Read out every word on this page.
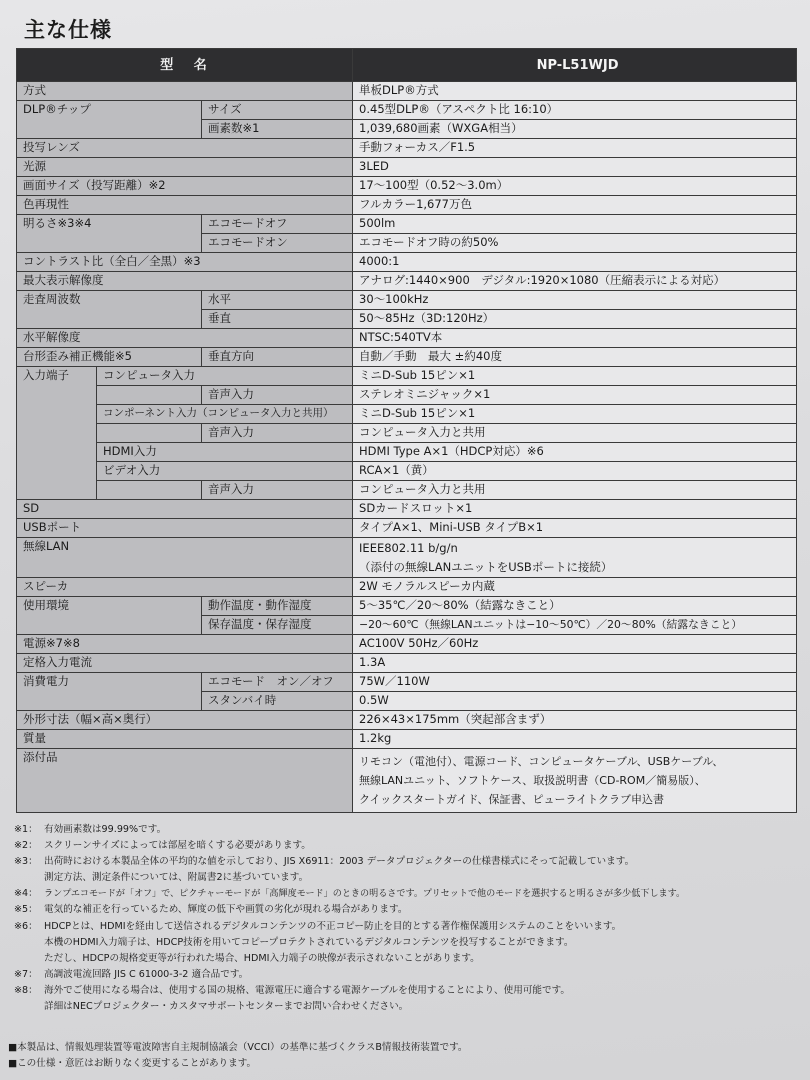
主な仕様
型 名			NP-L51WJD
方式			単板DLP®方式
DLP®チップ		サイズ	0.45型DLP®（アスペクト比 16:10）
		画素数※1	1,039,680画素（WXGA相当）
投写レンズ			手動フォーカス／F1.5
光源			3LED
画面サイズ（投写距離）※2			17〜100型（0.52〜3.0m）
色再現性			フルカラー1,677万色
明るさ※3※4		エコモードオフ	500lm
		エコモードオン	エコモードオフ時の約50%
コントラスト比（全白／全黒）※3			4000:1
最大表示解像度			アナログ:1440×900　デジタル:1920×1080（圧縮表示による対応）
走査周波数		水平	30〜100kHz
		垂直	50〜85Hz（3D:120Hz）
水平解像度			NTSC:540TV本
台形歪み補正機能※5		垂直方向	自動／手動　最大 ±約40度
入力端子	コンピュータ入力		ミニD-Sub 15ピン×1
		音声入力	ステレオミニジャック×1
	コンポーネント入力（コンピュータ入力と共用）		ミニD-Sub 15ピン×1
		音声入力	コンピュータ入力と共用
	HDMI入力		HDMI Type A×1（HDCP対応）※6
	ビデオ入力		RCA×1（黄）
		音声入力	コンピュータ入力と共用
SD			SDカードスロット×1
USBポート			タイプA×1、Mini-USB タイプB×1
無線LAN			IEEE802.11 b/g/n
（添付の無線LANユニットをUSBポートに接続）

スピーカ			2W モノラルスピーカ内蔵
使用環境		動作温度・動作湿度	5〜35℃／20〜80%（結露なきこと）
		保存温度・保存湿度	−20〜60℃（無線LANユニットは−10〜50℃）／20〜80%（結露なきこと）
電源※7※8			AC100V 50Hz／60Hz
定格入力電流			1.3A
消費電力		エコモード　オン／オフ	75W／110W
		スタンバイ時	0.5W
外形寸法（幅×高×奥行）			226×43×175mm（突起部含まず）
質量			1.2kg
添付品			リモコン（電池付）、電源コード、コンピュータケーブル、USBケーブル、
無線LANユニット、ソフトケース、取扱説明書（CD-ROM／簡易版）、
クイックスタートガイド、保証書、ピューライトクラブ申込書
※1： 有効画素数は99.99%です。
※2： スクリーンサイズによっては部屋を暗くする必要があります。
※3： 出荷時における本製品全体の平均的な値を示しており、JIS X6911：2003 データプロジェクターの仕様書様式にそって記載しています。
測定方法、測定条件については、附属書2に基づいています。
※4： ランプエコモードが「オフ」で、ピクチャーモードが「高輝度モード」のときの明るさです。プリセットで他のモードを選択すると明るさが多少低下します。
※5： 電気的な補正を行っているため、輝度の低下や画質の劣化が現れる場合があります。
※6： HDCPとは、HDMIを経由して送信されるデジタルコンテンツの不正コピー防止を目的とする著作権保護用システムのことをいいます。
本機のHDMI入力端子は、HDCP技術を用いてコピープロテクトされているデジタルコンテンツを投写することができます。
ただし、HDCPの規格変更等が行われた場合、HDMI入力端子の映像が表示されないことがあります。
※7： 高調波電流回路 JIS C 61000-3-2 適合品です。
※8： 海外でご使用になる場合は、使用する国の規格、電源電圧に適合する電源ケーブルを使用することにより、使用可能です。
詳細はNECプロジェクター・カスタマサポートセンターまでお問い合わせください。
■本製品は、情報処理装置等電波障害自主規制協議会（VCCI）の基準に基づくクラスB情報技術装置です。
■この仕様・意匠はお断りなく変更することがあります。
